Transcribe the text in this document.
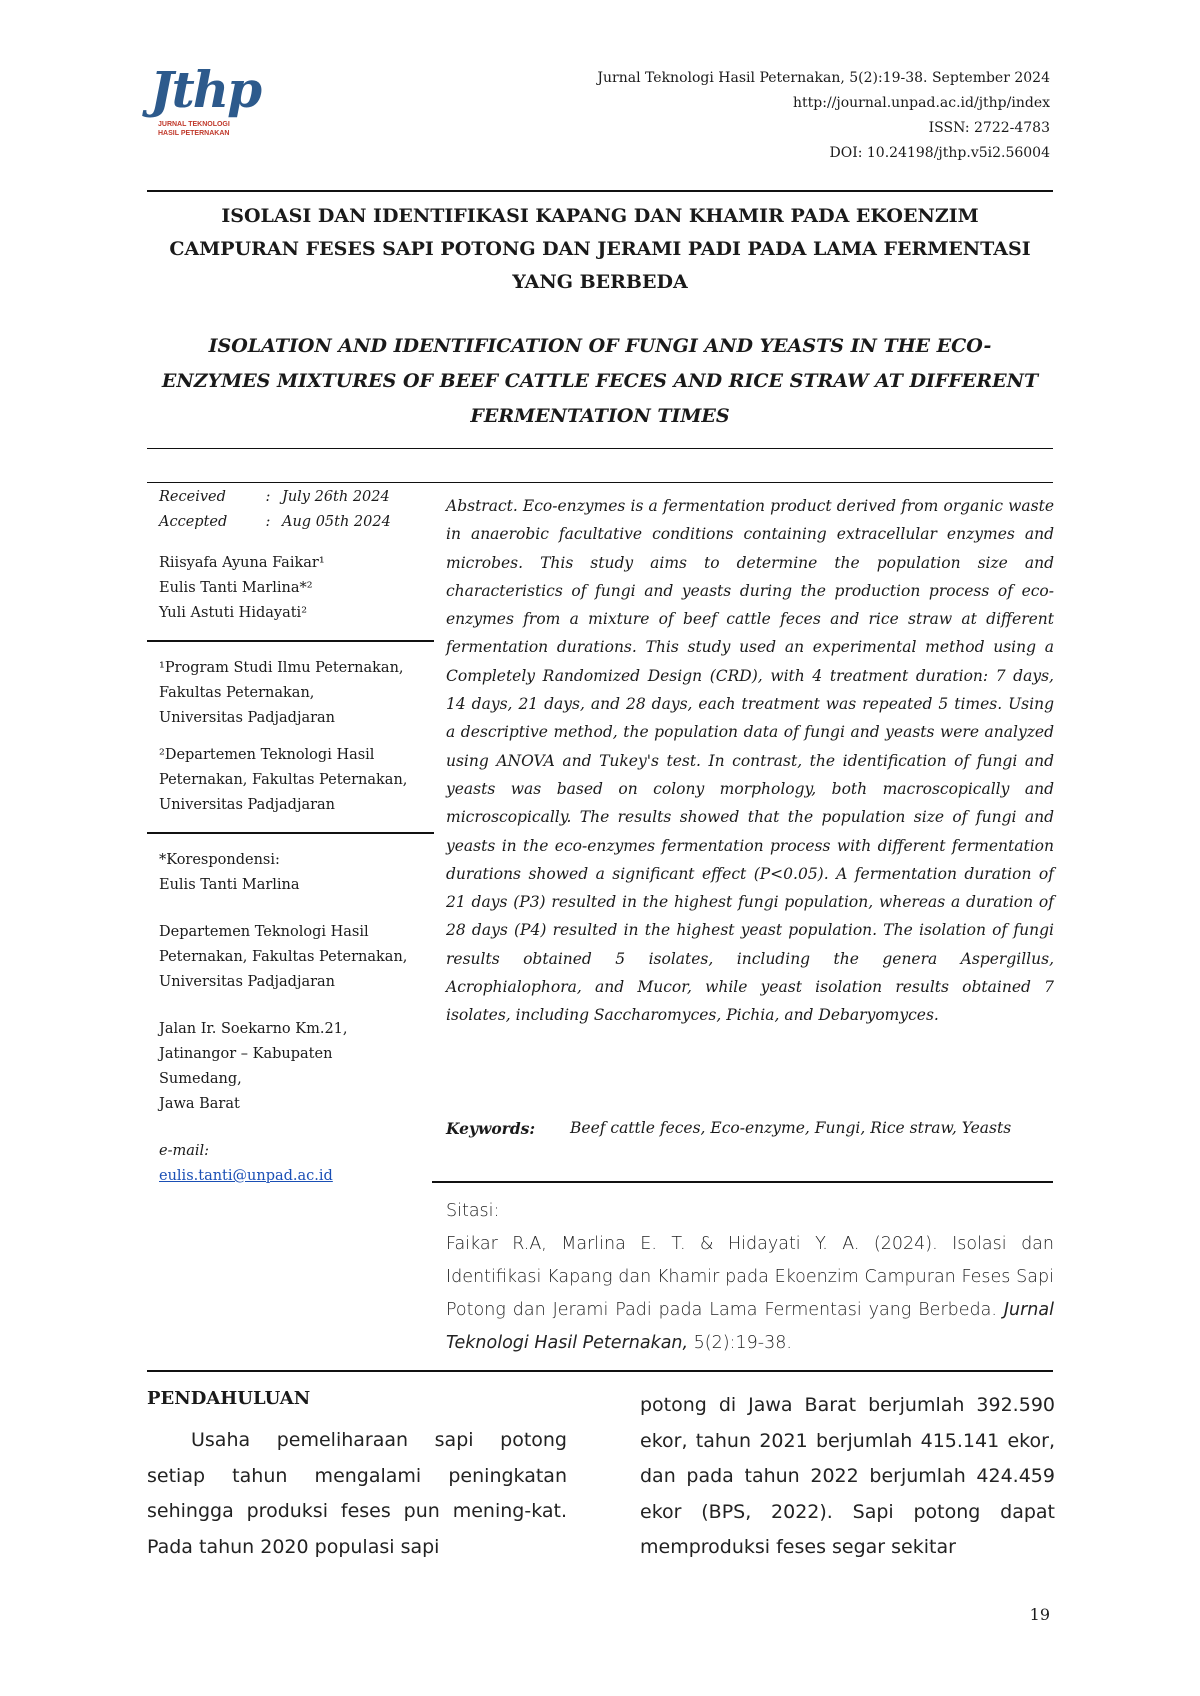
Jthp
JURNAL TEKNOLOGI
HASIL PETERNAKAN
Jurnal Teknologi Hasil Peternakan, 5(2):19-38. September 2024
http://journal.unpad.ac.id/jthp/index
ISSN: 2722-4783
DOI: 10.24198/jthp.v5i2.56004
ISOLASI DAN IDENTIFIKASI KAPANG DAN KHAMIR PADA EKOENZIM CAMPURAN FESES SAPI POTONG DAN JERAMI PADI PADA LAMA FERMENTASI YANG BERBEDA
ISOLATION AND IDENTIFICATION OF FUNGI AND YEASTS IN THE ECO-ENZYMES MIXTURES OF BEEF CATTLE FECES AND RICE STRAW AT DIFFERENT FERMENTATION TIMES
Received	:	July 26th 2024
Accepted	:	Aug 05th 2024
Riisyafa Ayuna Faikar¹
Eulis Tanti Marlina*²
Yuli Astuti Hidayati²
¹Program Studi Ilmu Peternakan,
Fakultas Peternakan,
Universitas Padjadjaran
²Departemen Teknologi Hasil
Peternakan, Fakultas Peternakan,
Universitas Padjadjaran
*Korespondensi:
Eulis Tanti Marlina
Departemen Teknologi Hasil
Peternakan, Fakultas Peternakan,
Universitas Padjadjaran
Jalan Ir. Soekarno Km.21,
Jatinangor – Kabupaten
Sumedang,
Jawa Barat
e-mail:
eulis.tanti@unpad.ac.id
Abstract. Eco-enzymes is a fermentation product derived from organic waste in anaerobic facultative conditions containing extracellular enzymes and microbes. This study aims to determine the population size and characteristics of fungi and yeasts during the production process of eco-enzymes from a mixture of beef cattle feces and rice straw at different fermentation durations. This study used an experimental method using a Completely Randomized Design (CRD), with 4 treatment duration: 7 days, 14 days, 21 days, and 28 days, each treatment was repeated 5 times. Using a descriptive method, the population data of fungi and yeasts were analyzed using ANOVA and Tukey's test. In contrast, the identification of fungi and yeasts was based on colony morphology, both macroscopically and microscopically. The results showed that the population size of fungi and yeasts in the eco-enzymes fermentation process with different fermentation durations showed a significant effect (P<0.05). A fermentation duration of 21 days (P3) resulted in the highest fungi population, whereas a duration of 28 days (P4) resulted in the highest yeast population. The isolation of fungi results obtained 5 isolates, including the genera Aspergillus, Acrophialophora, and Mucor, while yeast isolation results obtained 7 isolates, including Saccharomyces, Pichia, and Debaryomyces.
Keywords:	Beef cattle feces, Eco-enzyme, Fungi, Rice straw, Yeasts
Sitasi:
Faikar R.A, Marlina E. T. & Hidayati Y. A. (2024). Isolasi dan Identifikasi Kapang dan Khamir pada Ekoenzim Campuran Feses Sapi Potong dan Jerami Padi pada Lama Fermentasi yang Berbeda. Jurnal Teknologi Hasil Peternakan, 5(2):19-38.
PENDAHULUAN
Usaha pemeliharaan sapi potong setiap tahun mengalami peningkatan sehingga produksi feses pun mening-kat. Pada tahun 2020 populasi sapi
potong di Jawa Barat berjumlah 392.590 ekor, tahun 2021 berjumlah 415.141 ekor, dan pada tahun 2022 berjumlah 424.459 ekor (BPS, 2022). Sapi potong dapat memproduksi feses segar sekitar
19
